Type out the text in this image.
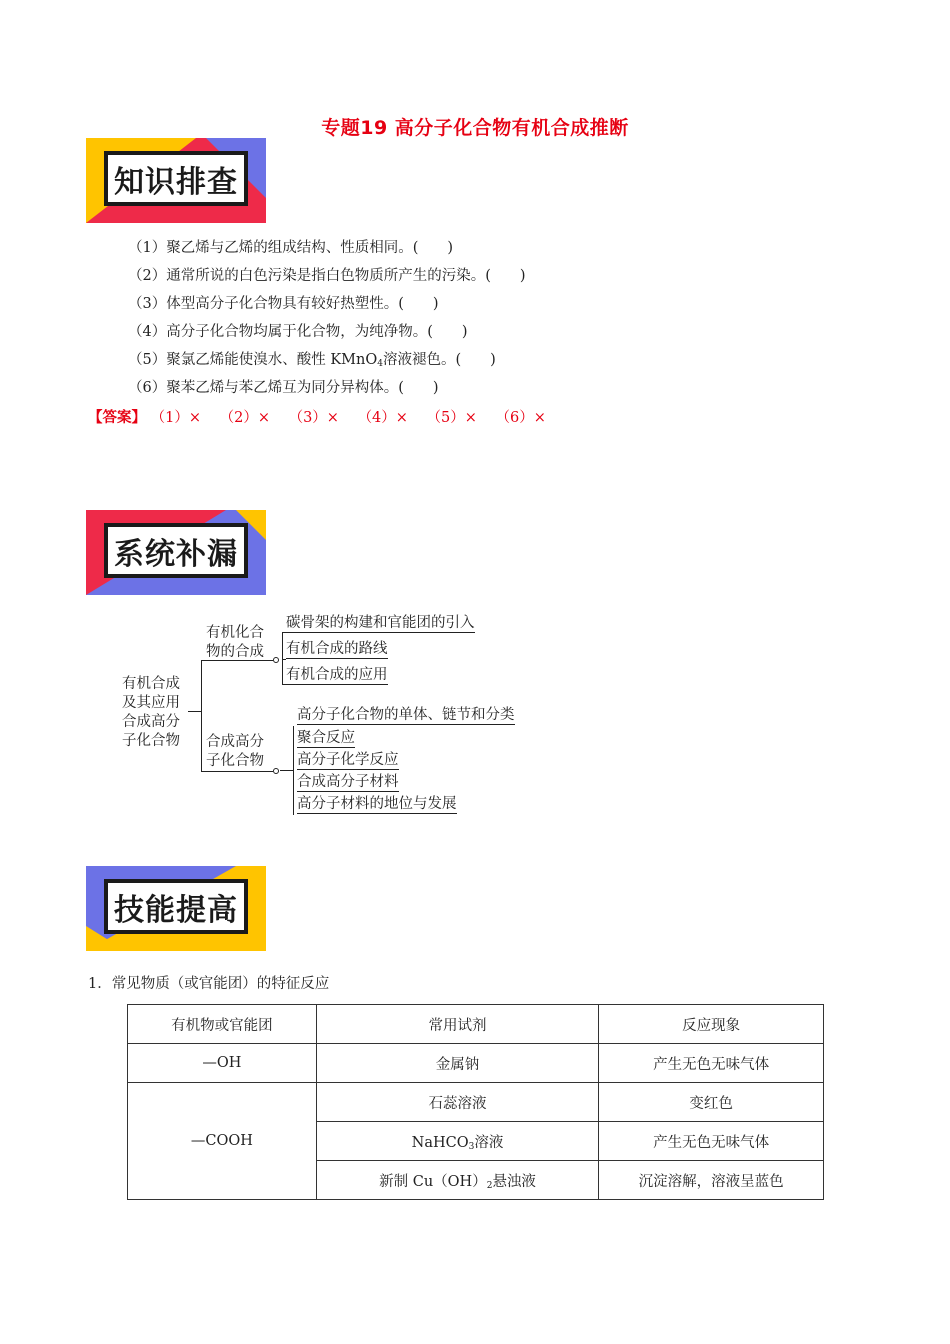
专题19 高分子化合物有机合成推断
知识排查
（1）聚乙烯与乙烯的组成结构、性质相同。(　　)
（2）通常所说的白色污染是指白色物质所产生的污染。(　　)
（3）体型高分子化合物具有较好热塑性。(　　)
（4）高分子化合物均属于化合物，为纯净物。(　　)
（5）聚氯乙烯能使溴水、酸性 KMnO$_4$溶液褪色。(　　)
（6）聚苯乙烯与苯乙烯互为同分异构体。(　　)
【答案】 （1）× （2）× （3）× （4）× （5）× （6）×
系统补漏
有机合成
及其应用
合成高分
子化合物
有机化合
物的合成
碳骨架的构建和官能团的引入
有机合成的路线
有机合成的应用
合成高分
子化合物
高分子化合物的单体、链节和分类
聚合反应
高分子化学反应
合成高分子材料
高分子材料的地位与发展
技能提高
1．常见物质（或官能团）的特征反应
有机物或官能团	常用试剂	反应现象
—OH	金属钠	产生无色无味气体
—COOH	石蕊溶液	变红色
	NaHCO$_3$溶液	产生无色无味气体
	新制 $Cu(OH)_2$悬浊液	沉淀溶解，溶液呈蓝色
